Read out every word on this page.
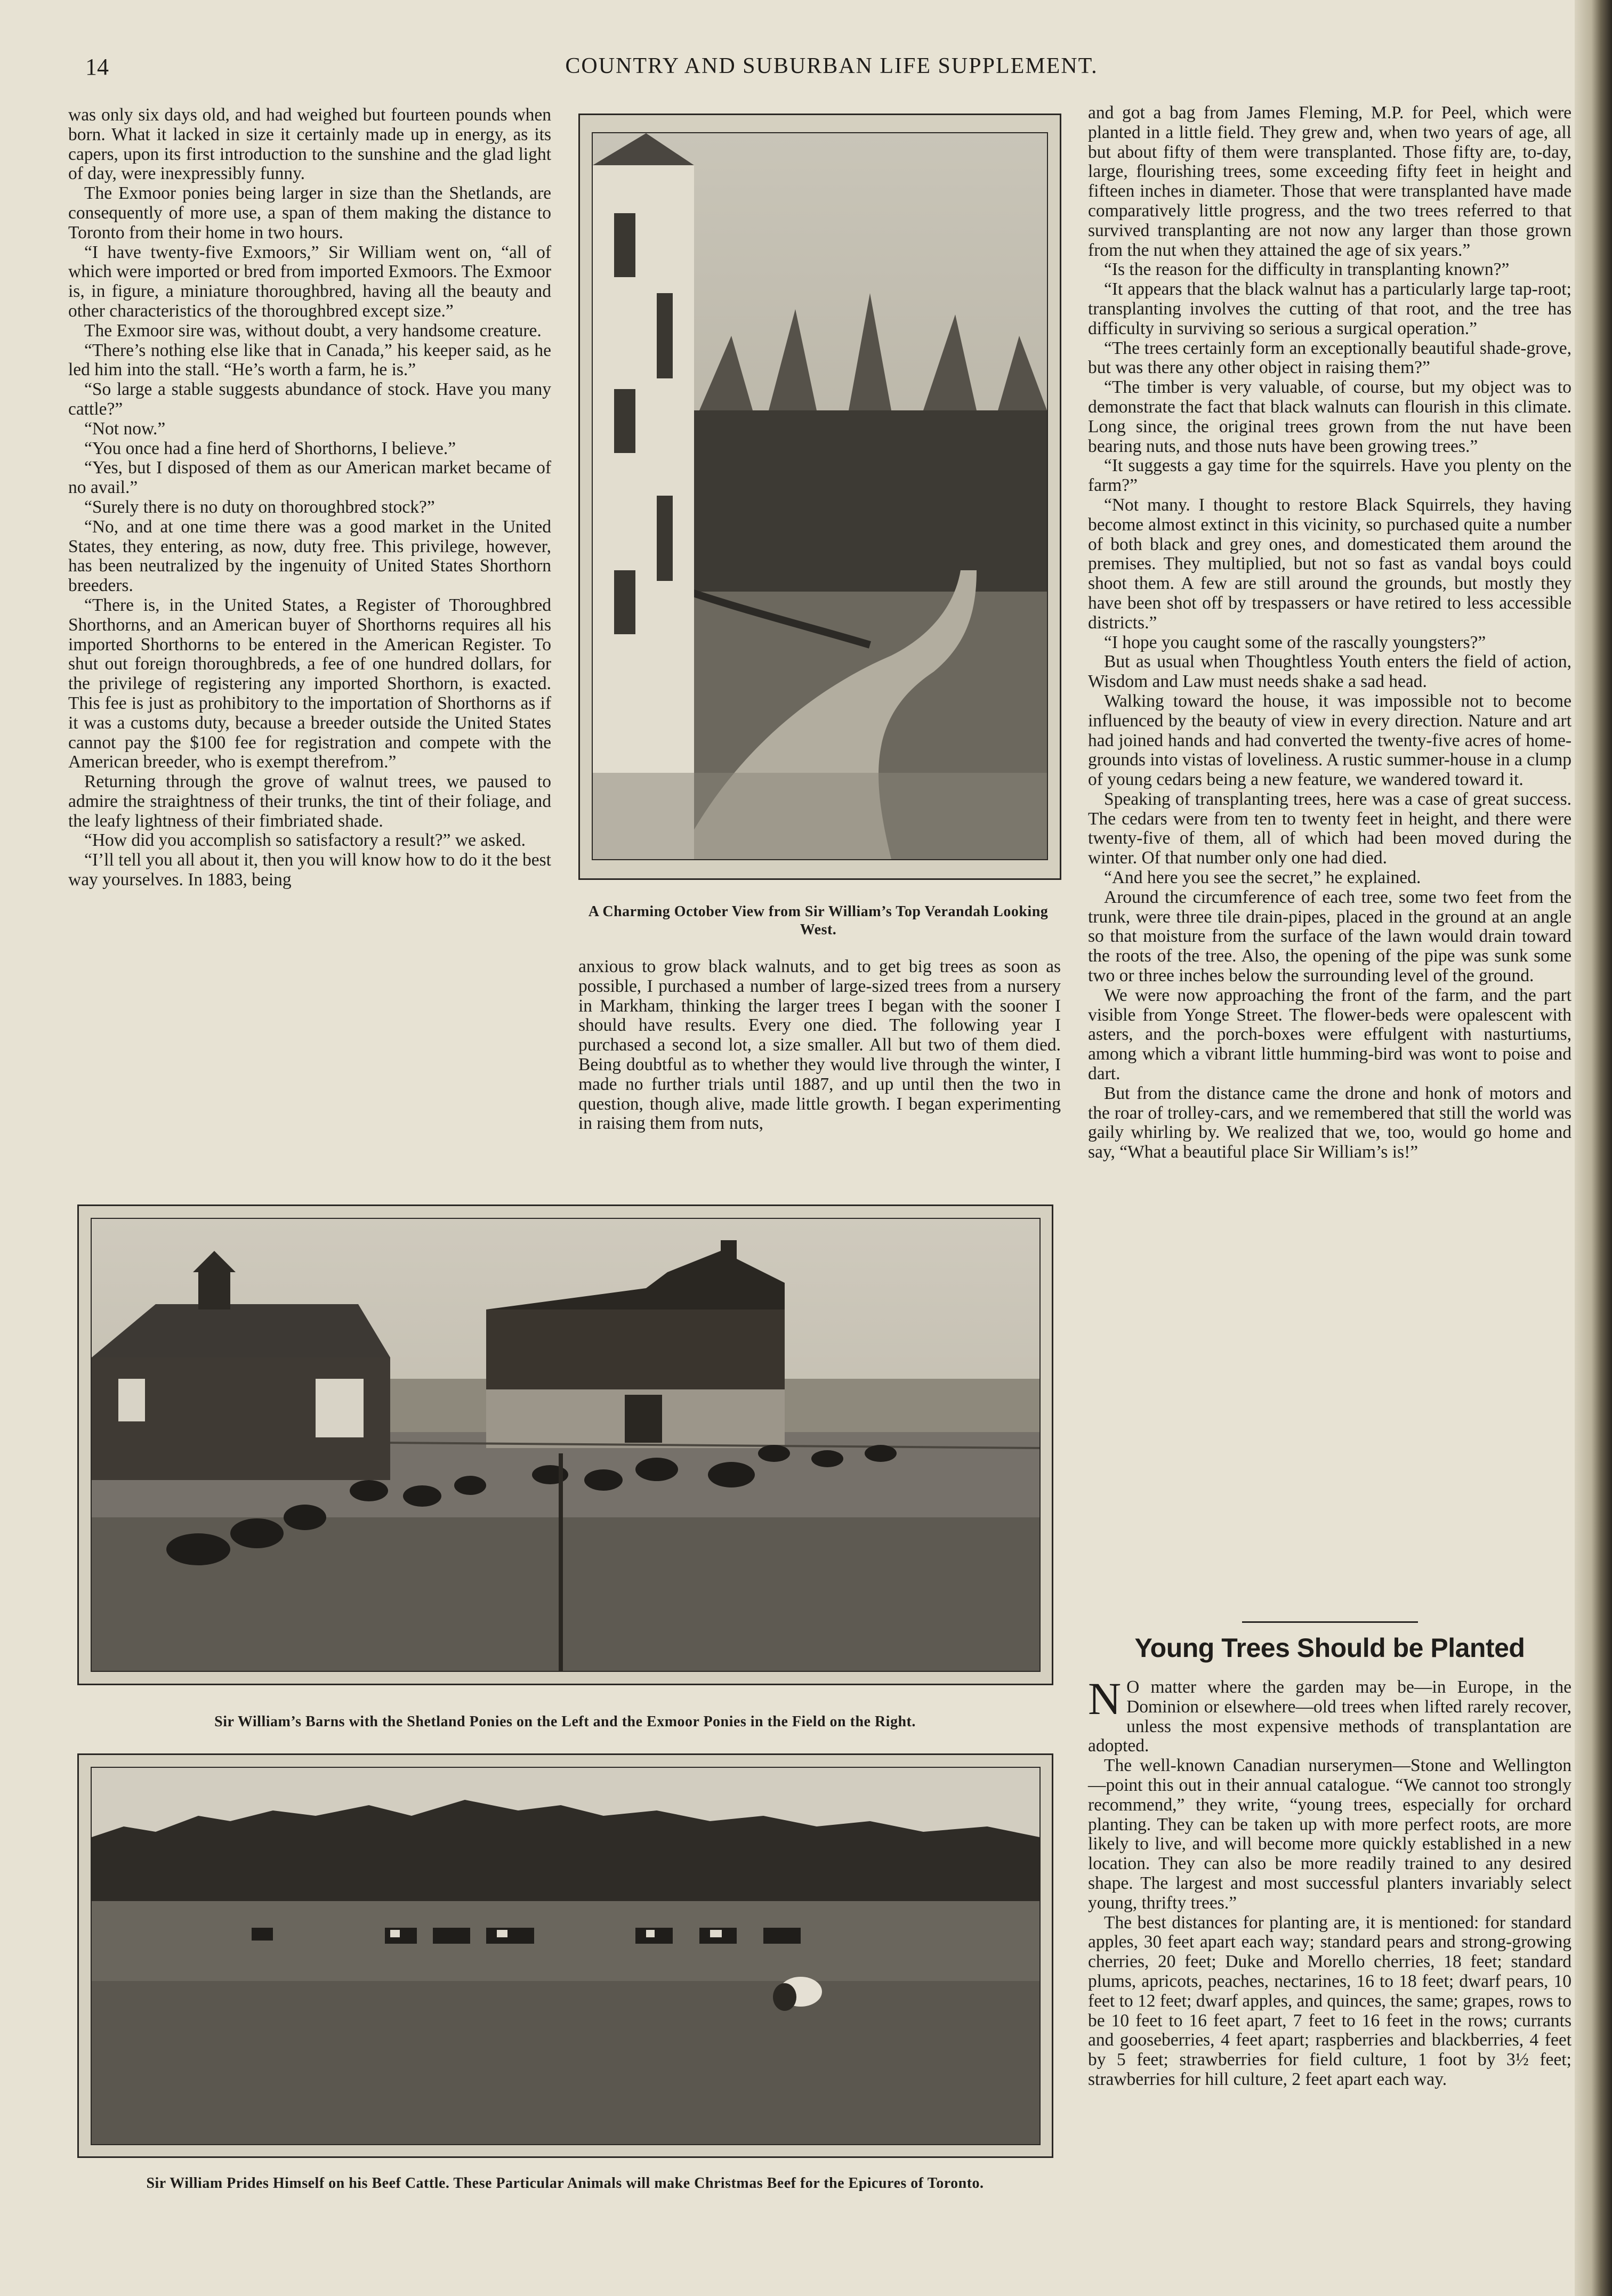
14	COUNTRY AND SUBURBAN LIFE SUPPLEMENT.

was only six days old, and had weighed but fourteen pounds when born. What it lacked in size it certainly made up in energy, as its capers, upon its first introduction to the sunshine and the glad light of day, were inexpressibly funny.

The Exmoor ponies being larger in size than the Shetlands, are consequently of more use, a span of them making the distance to Toronto from their home in two hours.

“I have twenty-five Exmoors,” Sir William went on, “all of which were imported or bred from imported Exmoors. The Exmoor is, in figure, a miniature thoroughbred, having all the beauty and other characteristics of the thoroughbred except size.”

The Exmoor sire was, without doubt, a very handsome creature.

“There’s nothing else like that in Canada,” his keeper said, as he led him into the stall. “He’s worth a farm, he is.”

“So large a stable suggests abundance of stock. Have you many cattle?”

“Not now.”

“You once had a fine herd of Shorthorns, I believe.”

“Yes, but I disposed of them as our American market became of no avail.”

“Surely there is no duty on thoroughbred stock?”

“No, and at one time there was a good market in the United States, they entering, as now, duty free. This privilege, however, has been neutralized by the ingenuity of United States Shorthorn breeders.

“There is, in the United States, a Register of Thoroughbred Shorthorns, and an American buyer of Shorthorns requires all his imported Shorthorns to be entered in the American Register. To shut out foreign thoroughbreds, a fee of one hundred dollars, for the privilege of registering any imported Shorthorn, is exacted. This fee is just as prohibitory to the importation of Shorthorns as if it was a customs duty, because a breeder outside the United States cannot pay the $100 fee for registration and compete with the American breeder, who is exempt therefrom.”

Returning through the grove of walnut trees, we paused to admire the straightness of their trunks, the tint of their foliage, and the leafy lightness of their fimbriated shade.

“How did you accomplish so satisfactory a result?” we asked.

“I’ll tell you all about it, then you will know how to do it the best way yourselves. In 1883, being

A Charming October View from Sir William’s Top Verandah Looking West.

anxious to grow black walnuts, and to get big trees as soon as possible, I purchased a number of large-sized trees from a nursery in Markham, thinking the larger trees I began with the sooner I should have results. Every one died. The following year I purchased a second lot, a size smaller. All but two of them died. Being doubtful as to whether they would live through the winter, I made no further trials until 1887, and up until then the two in question, though alive, made little growth. I began experimenting in raising them from nuts,

and got a bag from James Fleming, M.P. for Peel, which were planted in a little field. They grew and, when two years of age, all but about fifty of them were transplanted. Those fifty are, to-day, large, flourishing trees, some exceeding fifty feet in height and fifteen inches in diameter. Those that were transplanted have made comparatively little progress, and the two trees referred to that survived transplanting are not now any larger than those grown from the nut when they attained the age of six years.”

“Is the reason for the difficulty in transplanting known?”

“It appears that the black walnut has a particularly large tap-root; transplanting involves the cutting of that root, and the tree has difficulty in surviving so serious a surgical operation.”

“The trees certainly form an exceptionally beautiful shade-grove, but was there any other object in raising them?”

“The timber is very valuable, of course, but my object was to demonstrate the fact that black walnuts can flourish in this climate. Long since, the original trees grown from the nut have been bearing nuts, and those nuts have been growing trees.”

“It suggests a gay time for the squirrels. Have you plenty on the farm?”

“Not many. I thought to restore Black Squirrels, they having become almost extinct in this vicinity, so purchased quite a number of both black and grey ones, and domesticated them around the premises. They multiplied, but not so fast as vandal boys could shoot them. A few are still around the grounds, but mostly they have been shot off by trespassers or have retired to less accessible districts.”

“I hope you caught some of the rascally youngsters?”

But as usual when Thoughtless Youth enters the field of action, Wisdom and Law must needs shake a sad head.

Walking toward the house, it was impossible not to become influenced by the beauty of view in every direction. Nature and art had joined hands and had converted the twenty-five acres of home-grounds into vistas of loveliness. A rustic summer-house in a clump of young cedars being a new feature, we wandered toward it.

Speaking of transplanting trees, here was a case of great success. The cedars were from ten to twenty feet in height, and there were twenty-five of them, all of which had been moved during the winter. Of that number only one had died.

“And here you see the secret,” he explained.

Around the circumference of each tree, some two feet from the trunk, were three tile drain-pipes, placed in the ground at an angle so that moisture from the surface of the lawn would drain toward the roots of the tree. Also, the opening of the pipe was sunk some two or three inches below the surrounding level of the ground.

We were now approaching the front of the farm, and the part visible from Yonge Street. The flower-beds were opalescent with asters, and the porch-boxes were effulgent with nasturtiums, among which a vibrant little humming-bird was wont to poise and dart.

But from the distance came the drone and honk of motors and the roar of trolley-cars, and we remembered that still the world was gaily whirling by. We realized that we, too, would go home and say, “What a beautiful place Sir William’s is!”

Young Trees Should be Planted

N O matter where the garden may be—in Europe, in the Dominion or elsewhere—old trees when lifted rarely recover, unless the most expensive methods of transplantation are adopted.

The well-known Canadian nurserymen—Stone and Wellington—point this out in their annual catalogue. “We cannot too strongly recommend,” they write, “young trees, especially for orchard planting. They can be taken up with more perfect roots, are more likely to live, and will become more quickly established in a new location. They can also be more readily trained to any desired shape. The largest and most successful planters invariably select young, thrifty trees.”

The best distances for planting are, it is mentioned: for standard apples, 30 feet apart each way; standard pears and strong-growing cherries, 20 feet; Duke and Morello cherries, 18 feet; standard plums, apricots, peaches, nectarines, 16 to 18 feet; dwarf pears, 10 feet to 12 feet; dwarf apples, and quinces, the same; grapes, rows to be 10 feet to 16 feet apart, 7 feet to 16 feet in the rows; currants and gooseberries, 4 feet apart; raspberries and blackberries, 4 feet by 5 feet; strawberries for field culture, 1 foot by 3½ feet; strawberries for hill culture, 2 feet apart each way.

Sir William’s Barns with the Shetland Ponies on the Left and the Exmoor Ponies in the Field on the Right.
Sir William Prides Himself on his Beef Cattle. These Particular Animals will make Christmas Beef for the Epicures of Toronto.
